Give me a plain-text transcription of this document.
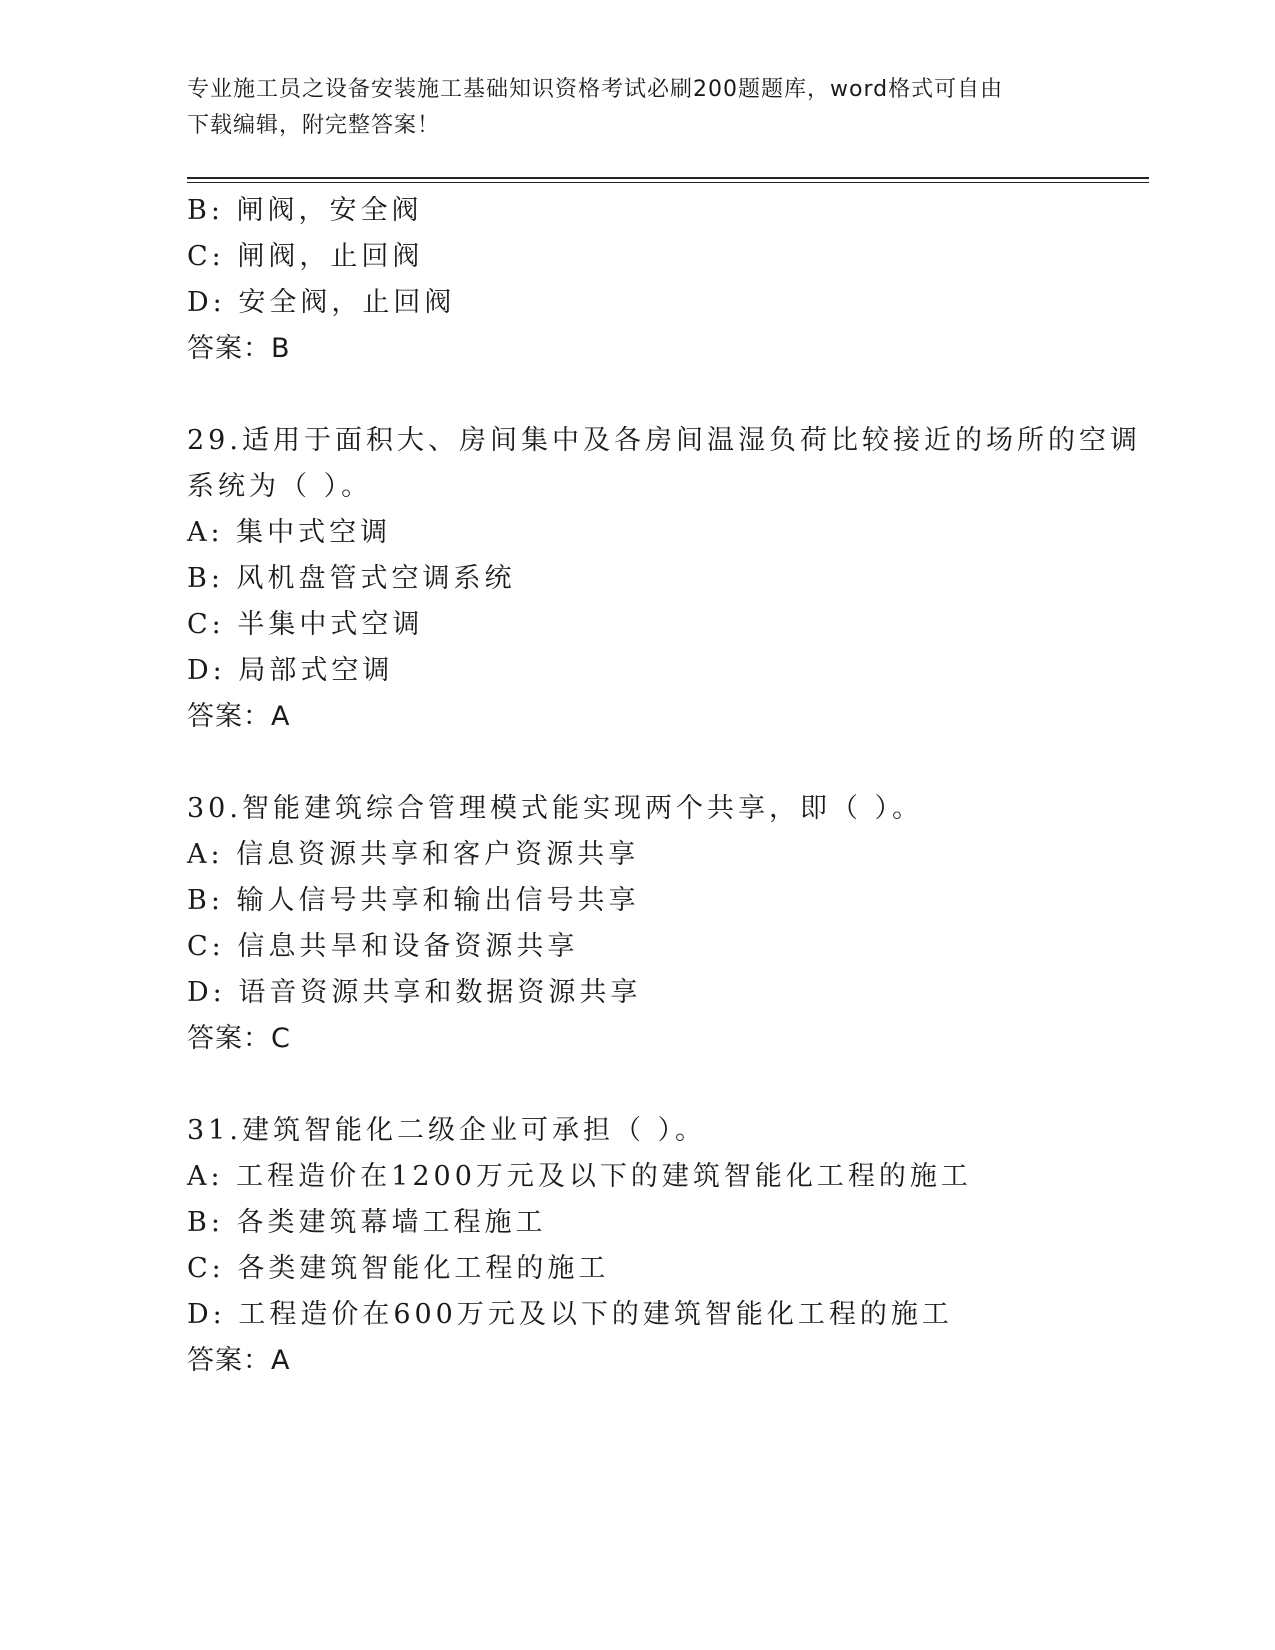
专业施工员之设备安装施工基础知识资格考试必刷200题题库，word格式可自由
下载编辑，附完整答案！
B: 闸阀，安全阀
C: 闸阀，止回阀
D: 安全阀，止回阀
答案：B
29.适用于面积大、房间集中及各房间温湿负荷比较接近的场所的空调
系统为（ ）。
A: 集中式空调
B: 风机盘管式空调系统
C: 半集中式空调
D: 局部式空调
答案：A
30.智能建筑综合管理模式能实现两个共享，即（ ）。
A: 信息资源共享和客户资源共享
B: 输人信号共享和输出信号共享
C: 信息共旱和设备资源共享
D: 语音资源共享和数据资源共享
答案：C
31.建筑智能化二级企业可承担（ ）。
A: 工程造价在1200万元及以下的建筑智能化工程的施工
B: 各类建筑幕墙工程施工
C: 各类建筑智能化工程的施工
D: 工程造价在600万元及以下的建筑智能化工程的施工
答案：A
